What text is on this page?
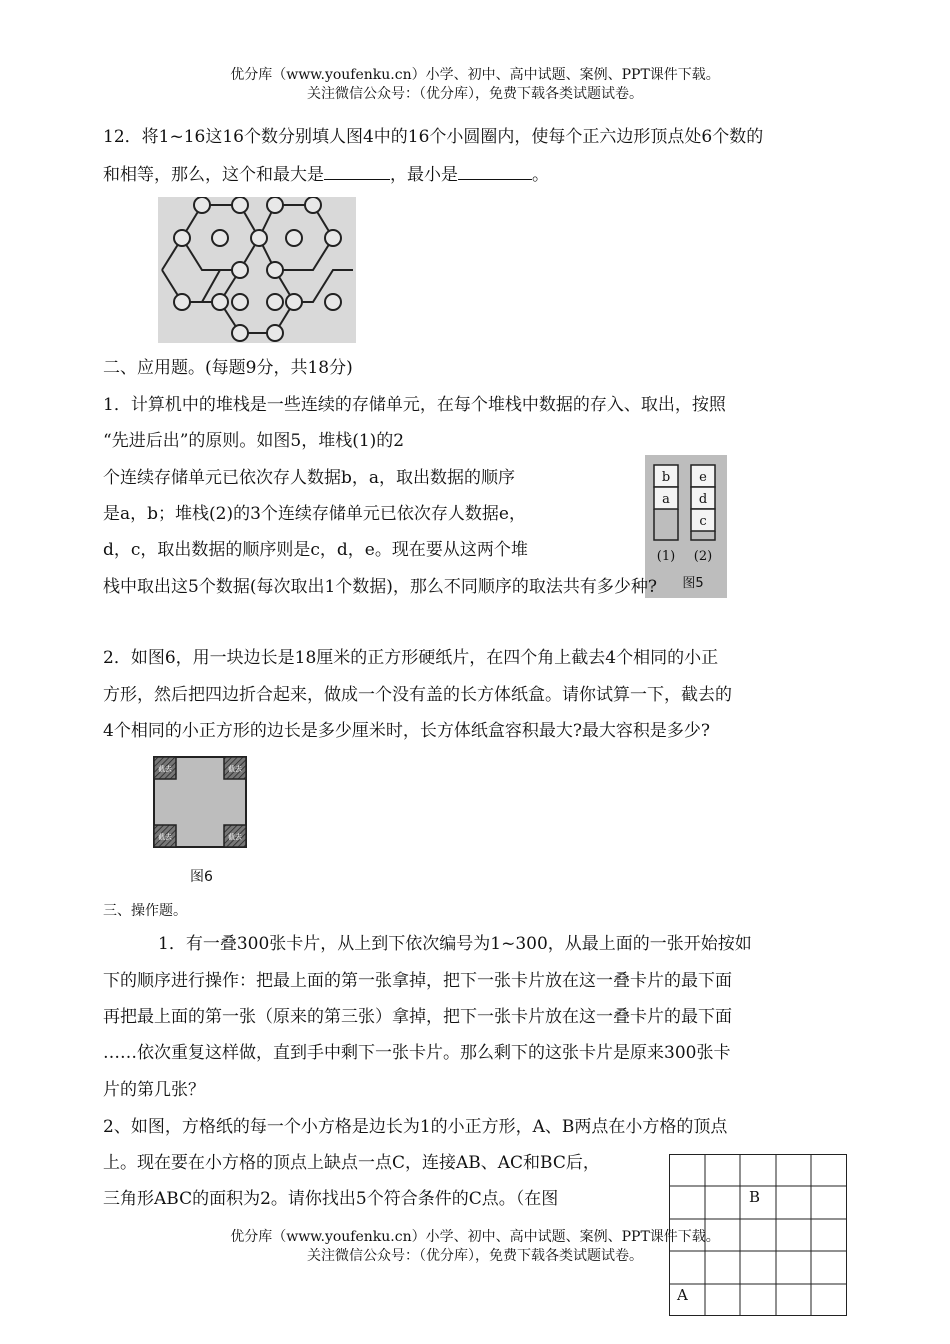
优分库（www.youfenku.cn）小学、初中、高中试题、案例、PPT课件下载。
关注微信公众号：（优分库），免费下载各类试题试卷。
12．将1~16这16个数分别填人图4中的16个小圆圈内，使每个正六边形顶点处6个数的
和相等，那么，这个和最大是	，最小是	。
二、应用题。(每题9分，共18分)
1．计算机中的堆栈是一些连续的存储单元，在每个堆栈中数据的存入、取出，按照
“先进后出”的原则。如图5，堆栈(1)的2
个连续存储单元已依次存人数据b，a，取出数据的顺序
是a，b；堆栈(2)的3个连续存储单元已依次存人数据e，
d，c，取出数据的顺序则是c，d，e。现在要从这两个堆
b
a
e
d
c
(1) (2)
图5
栈中取出这5个数据(每次取出1个数据)，那么不同顺序的取法共有多少种?
2．如图6，用一块边长是18厘米的正方形硬纸片，在四个角上截去4个相同的小正
方形，然后把四边折合起来，做成一个没有盖的长方体纸盒。请你试算一下，截去的
4个相同的小正方形的边长是多少厘米时，长方体纸盒容积最大?最大容积是多少?
截去	截去
截去	截去
图6
三、操作题。
1．有一叠300张卡片，从上到下依次编号为1~300，从最上面的一张开始按如
下的顺序进行操作：把最上面的第一张拿掉，把下一张卡片放在这一叠卡片的最下面
再把最上面的第一张（原来的第三张）拿掉，把下一张卡片放在这一叠卡片的最下面
……依次重复这样做，直到手中剩下一张卡片。那么剩下的这张卡片是原来300张卡
片的第几张？
2、如图，方格纸的每一个小方格是边长为1的小正方形，A、B两点在小方格的顶点
上。现在要在小方格的顶点上缺点一点C，连接AB、AC和BC后，
三角形ABC的面积为2。请你找出5个符合条件的C点。（在图	B
A
优分库（www.youfenku.cn）小学、初中、高中试题、案例、PPT课件下载。
关注微信公众号：（优分库），免费下载各类试题试卷。
